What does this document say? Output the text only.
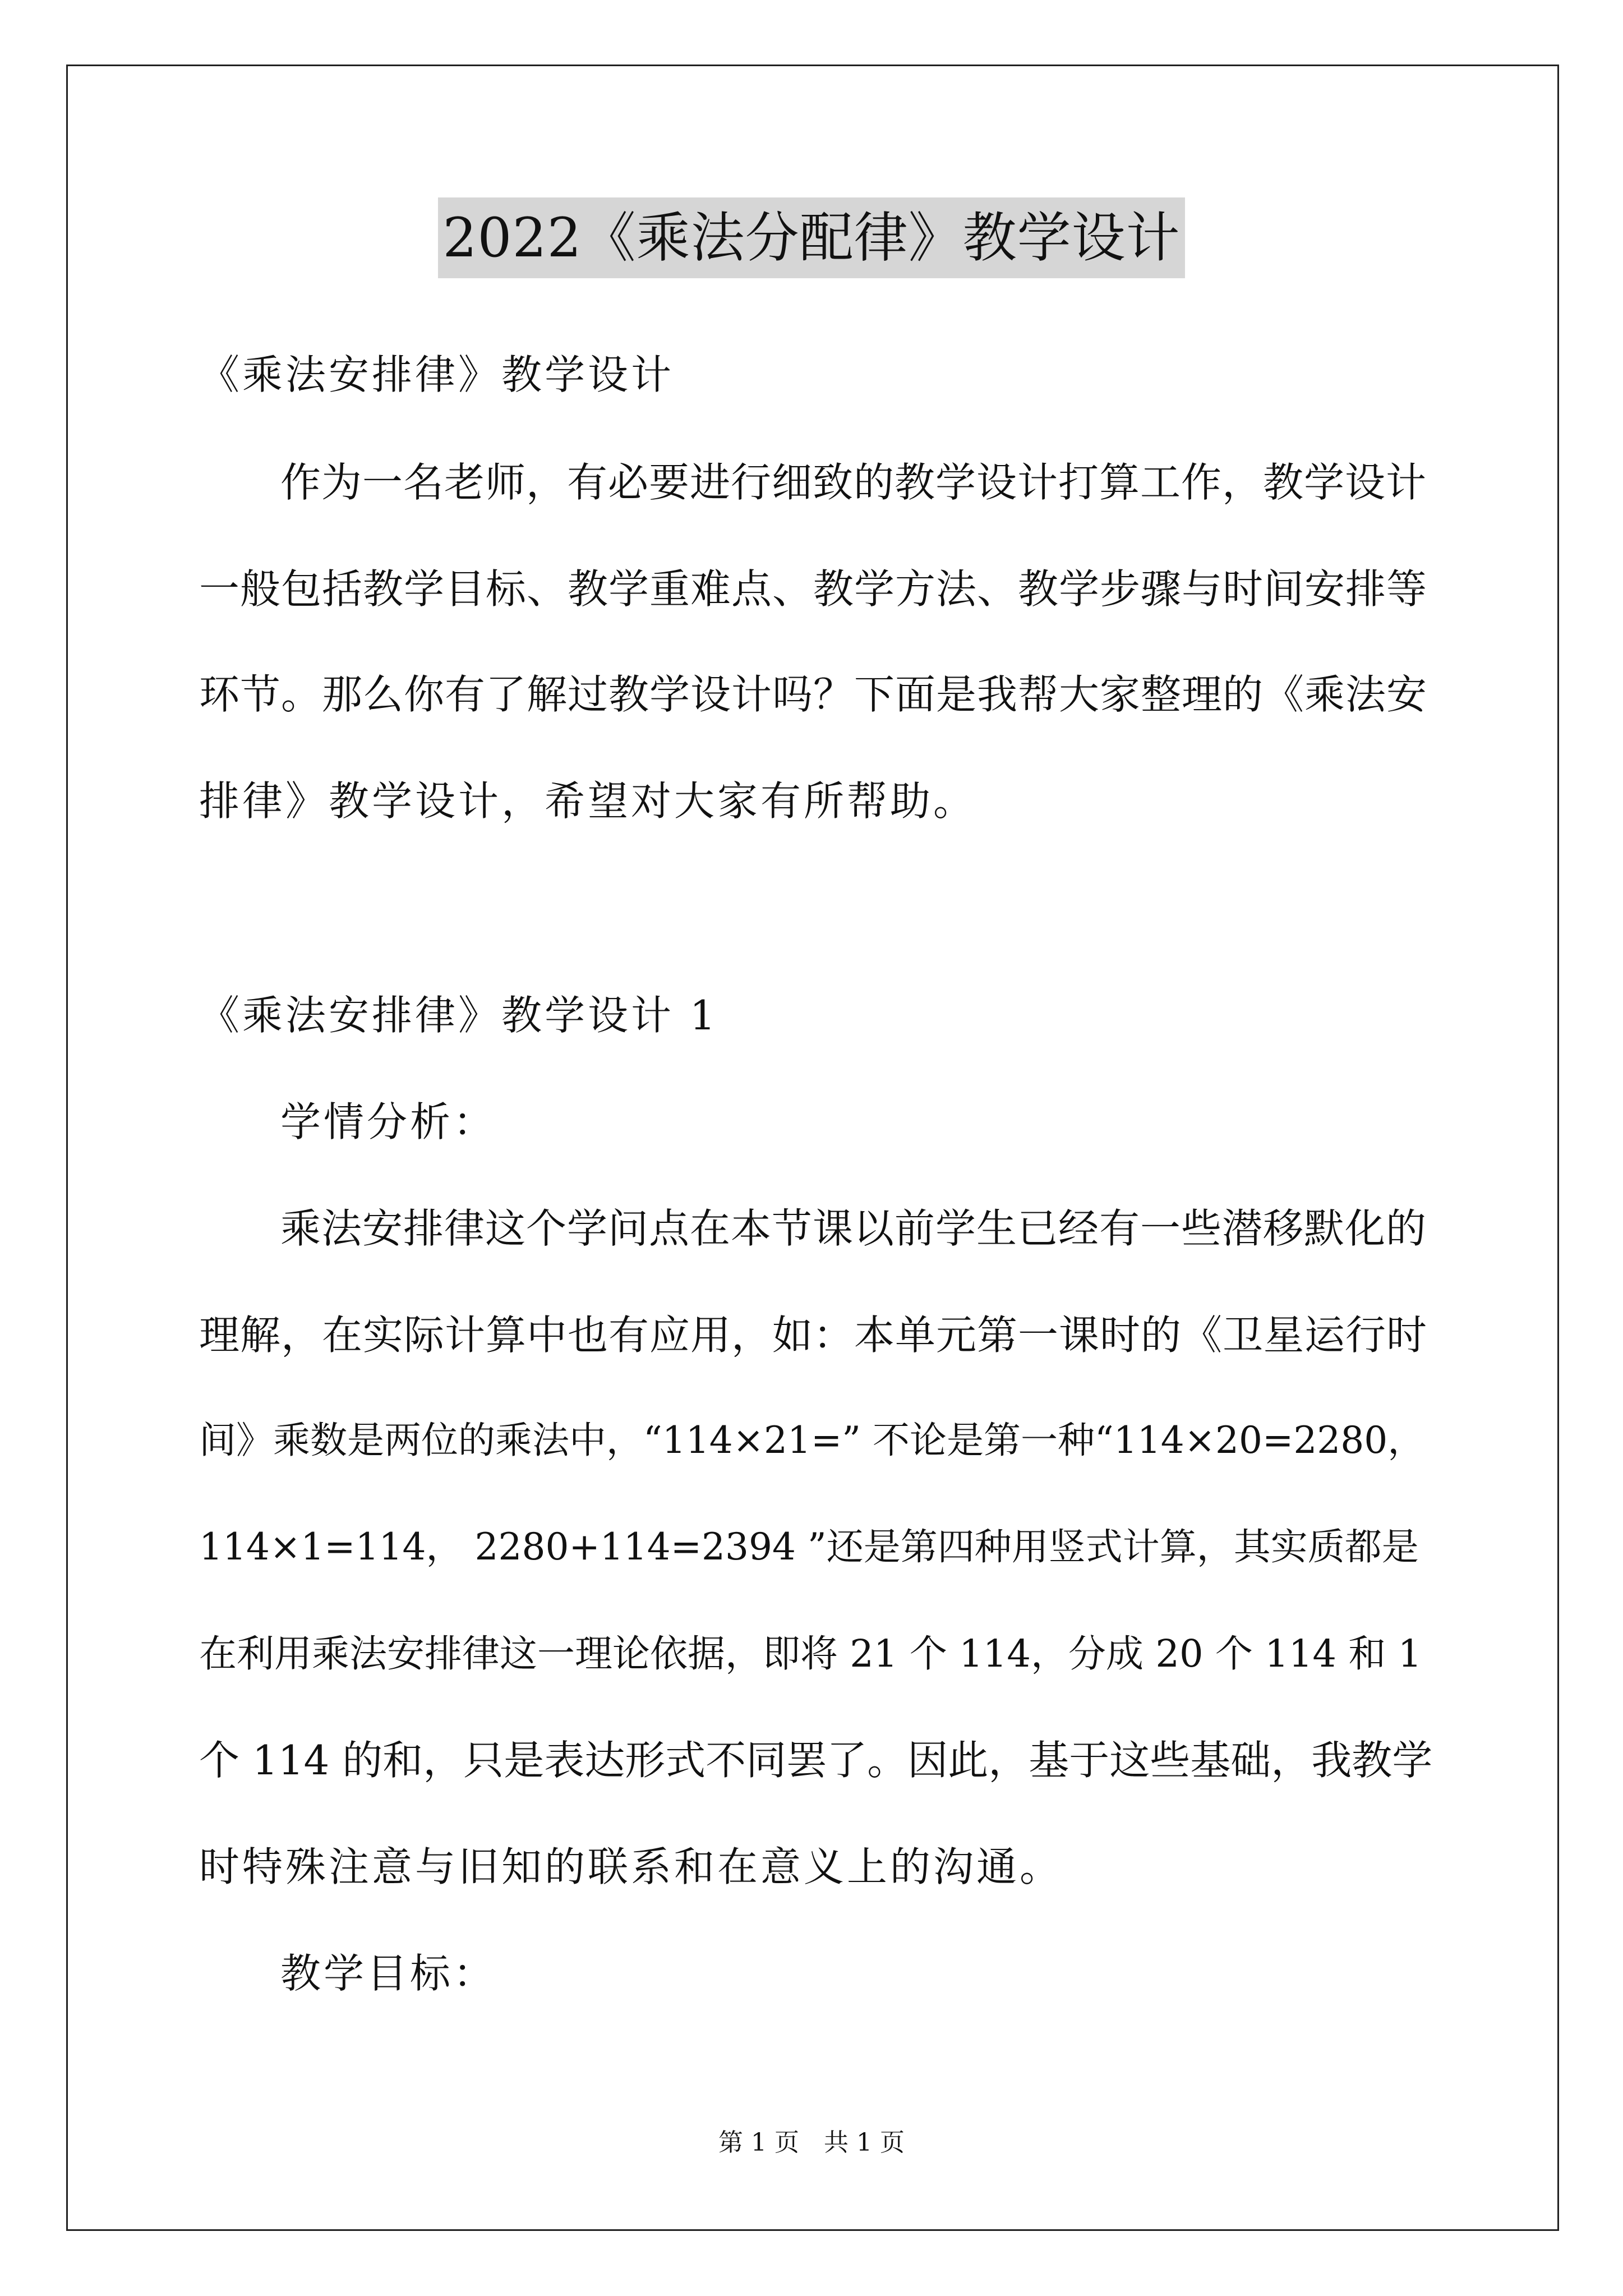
2022《乘法分配律》教学设计
《乘法安排律》教学设计
作为一名老师，有必要进行细致的教学设计打算工作，教学设计
一般包括教学目标、教学重难点、教学方法、教学步骤与时间安排等
环节。那么你有了解过教学设计吗？下面是我帮大家整理的《乘法安
排律》教学设计，希望对大家有所帮助。
《乘法安排律》教学设计 1
学情分析：
乘法安排律这个学问点在本节课以前学生已经有一些潜移默化的
理解，在实际计算中也有应用，如：本单元第一课时的《卫星运行时
间》乘数是两位的乘法中，“114×21=” 不论是第一种“114×20=2280，
114×1=114， 2280+114=2394 ”还是第四种用竖式计算，其实质都是
在利用乘法安排律这一理论依据，即将 21 个 114，分成 20 个 114 和 1
个 114 的和，只是表达形式不同罢了。因此，基于这些基础，我教学
时特殊注意与旧知的联系和在意义上的沟通。
教学目标：
第 1 页　共 1 页
